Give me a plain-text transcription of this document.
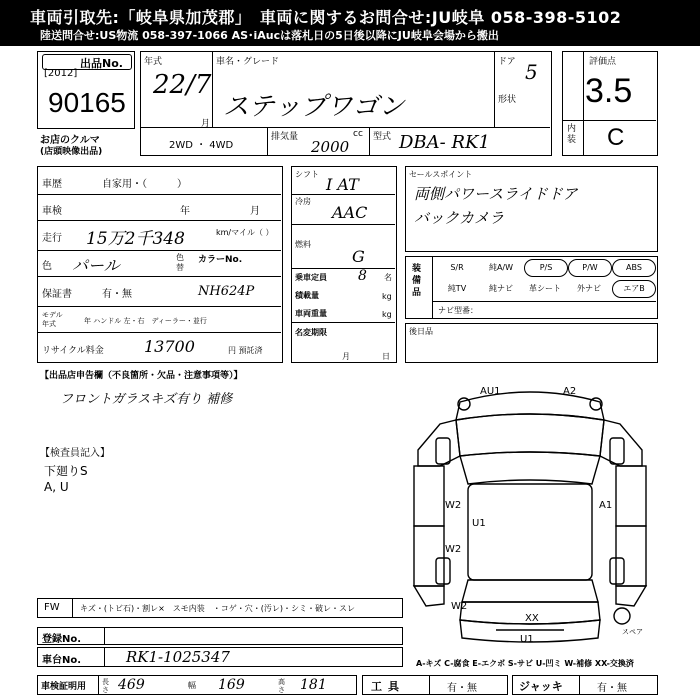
車両引取先:「岐阜県加茂郡」　車両に関するお問合せ:JU岐阜 058-398-5102
陸送問合せ:US物流 058-397-1066 AS･iAucは落札日の5日後以降にJU岐阜会場から搬出
出品No.
[2012]
90165
お店のクルマ
(店頭映像出品)
年式
22/7
月
車名・グレード
ステップワゴン
ドア 5
形状
2WD ・ 4WD
排気量	cc
2000
型式 DBA- RK1
評価点
3.5
内装 C
車歴	自家用・（　　　）
車検	年	月
走行 15万2千348	km/マイル（ ）
色 パール	色替
カラーNo.
NH624P
保証書	有・無
モデル年式	年 ハンドル 左・右　ディーラー・並行
リサイクル料金	13700	円 預託済
シフト
I AT
冷房
AAC
燃料
G
乗車定員 8 名
積載量	kg
車両重量	kg
名変期限
月	日
セールスポイント
両側パワースライドドア
バックカメラ
装備品
ナビ型番：
S/R	純A/W	P/S	P/W	ABS
純TV	純ナビ	革シート	外ナビ	エアB
後日品
【出品店申告欄（不良箇所・欠品・注意事項等）】
フロントガラスキズ有り 補修
【検査員記入】
下廻りS
A, U
AU1	A2
W2	A1
U1
W2
W2
XX
U1
スペア
FW	キズ・(トビ石)・割レ×　スモ内装　・コゲ・穴・(汚レ)・シミ・破レ・スレ
登録No.
車台No.	RK1-1025347
車検証明用 長さ 469	幅 169	高さ 181	工具	有・無	ジャッキ	有・無
A-キズ C-腐食 E-エクボ S-サビ U-凹ミ W-補修 XX-交換済
